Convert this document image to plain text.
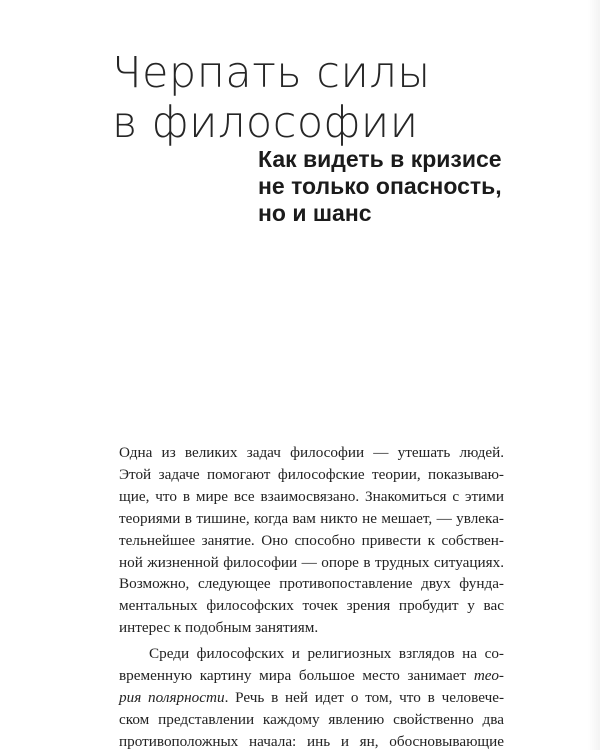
Черпать силы
в философии
Как видеть в кризисе
не только опасность,
но и шанс
Одна из великих задач философии — утешать людей.
Этой задаче помогают философские теории, показываю-
щие, что в мире все взаимосвязано. Знакомиться с этими
теориями в тишине, когда вам никто не мешает, — увлека-
тельнейшее занятие. Оно способно привести к собствен-
ной жизненной философии — опоре в трудных ситуациях.
Возможно, следующее противопоставление двух фунда-
ментальных философских точек зрения пробудит у вас
интерес к подобным занятиям.
Среди философских и религиозных взглядов на со-
временную картину мира большое место занимает тео-
рия полярности. Речь в ней идет о том, что в человече-
ском представлении каждому явлению свойственно два
противоположных начала: инь и ян, обосновывающие
